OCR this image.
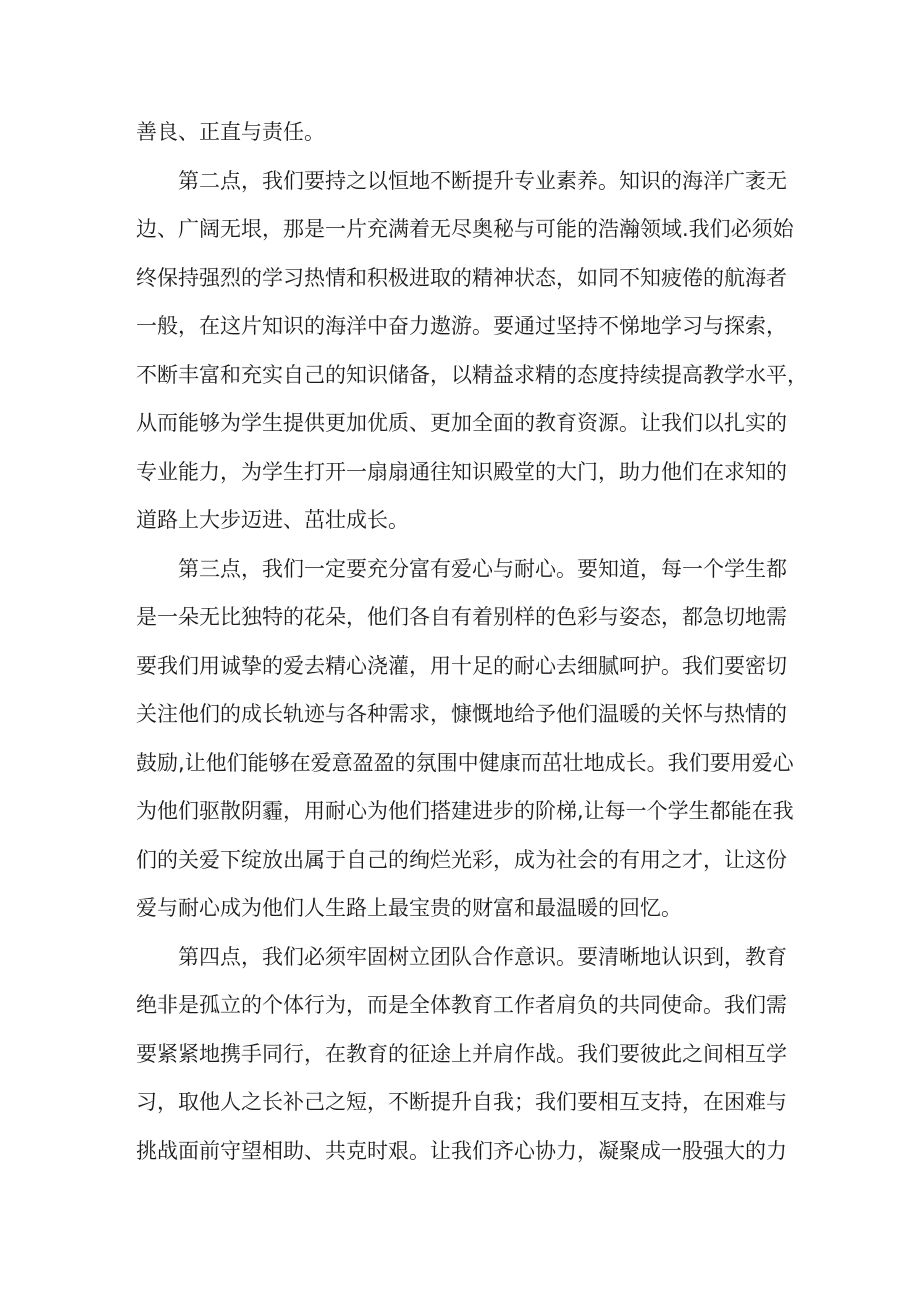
善良、正直与责任。
第二点，我们要持之以恒地不断提升专业素养。知识的海洋广袤无
边、广阔无垠，那是一片充满着无尽奥秘与可能的浩瀚领域.我们必须始
终保持强烈的学习热情和积极进取的精神状态，如同不知疲倦的航海者
一般，在这片知识的海洋中奋力遨游。要通过坚持不悌地学习与探索，
不断丰富和充实自己的知识储备，以精益求精的态度持续提高教学水平，
从而能够为学生提供更加优质、更加全面的教育资源。让我们以扎实的
专业能力，为学生打开一扇扇通往知识殿堂的大门，助力他们在求知的
道路上大步迈进、茁壮成长。
第三点，我们一定要充分富有爱心与耐心。要知道，每一个学生都
是一朵无比独特的花朵，他们各自有着别样的色彩与姿态，都急切地需
要我们用诚挚的爱去精心浇灌，用十足的耐心去细腻呵护。我们要密切
关注他们的成长轨迹与各种需求，慷慨地给予他们温暖的关怀与热情的
鼓励,让他们能够在爱意盈盈的氛围中健康而茁壮地成长。我们要用爱心
为他们驱散阴霾，用耐心为他们搭建进步的阶梯,让每一个学生都能在我
们的关爱下绽放出属于自己的绚烂光彩，成为社会的有用之才，让这份
爱与耐心成为他们人生路上最宝贵的财富和最温暖的回忆。
第四点，我们必须牢固树立团队合作意识。要清晰地认识到，教育
绝非是孤立的个体行为，而是全体教育工作者肩负的共同使命。我们需
要紧紧地携手同行，在教育的征途上并肩作战。我们要彼此之间相互学
习，取他人之长补己之短，不断提升自我；我们要相互支持，在困难与
挑战面前守望相助、共克时艰。让我们齐心协力，凝聚成一股强大的力
